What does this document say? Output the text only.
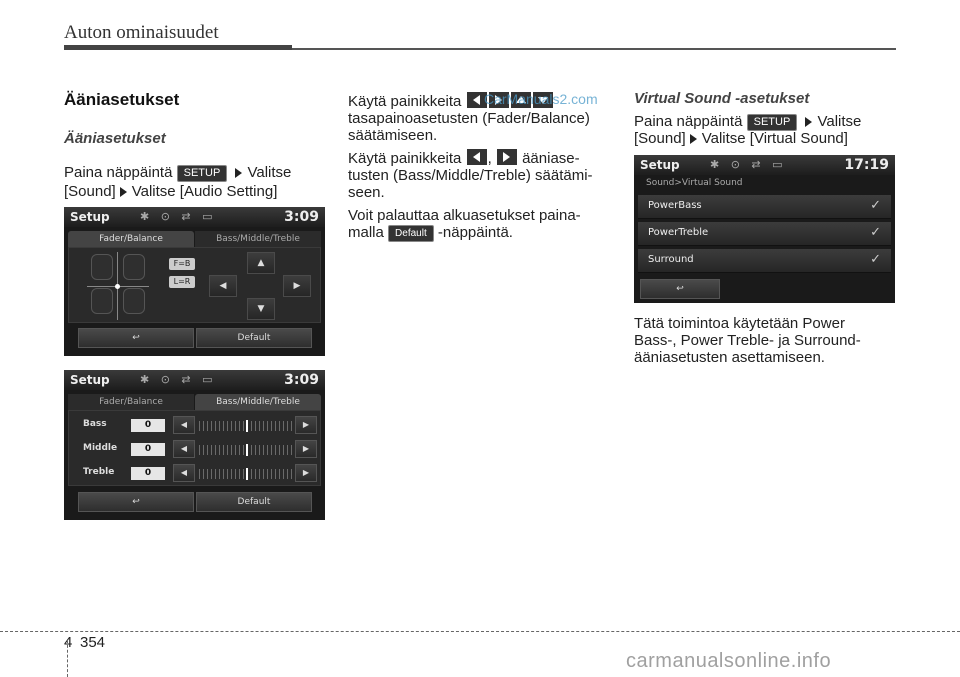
Auton ominaisuudet
Ääniasetukset
Ääniasetukset
Paina näppäintä SETUP Valitse
[Sound] Valitse [Audio Setting]
Setup	✱ ⊙ ⇄ ▭	3:09
Fader/Balance	Bass/Middle/Treble
F=B
L=R
▲
◀	▶
▼
↩	Default
Setup	✱ ⊙ ⇄ ▭	3:09
Fader/Balance	Bass/Middle/Treble
Bass	0	◀	▶
Middle	0	◀	▶
Treble	0	◀	▶
↩	Default
Käytä painikkeita	CarManuals2.com
tasapainoasetusten (Fader/Balance)
säätämiseen.
Käytä painikkeita , ääniase-
tusten (Bass/Middle/Treble) säätämi-
seen.
Voit palauttaa alkuasetukset paina-
malla Default -näppäintä.
Virtual Sound -asetukset
Paina näppäintä SETUP Valitse
[Sound] Valitse [Virtual Sound]
Setup	✱ ⊙ ⇄ ▭	17:19
Sound>Virtual Sound
PowerBass	✓
PowerTreble	✓
Surround	✓
↩
Tätä toimintoa käytetään Power
Bass-, Power Treble- ja Surround-
ääniasetusten asettamiseen.
4 354
carmanualsonline.info
